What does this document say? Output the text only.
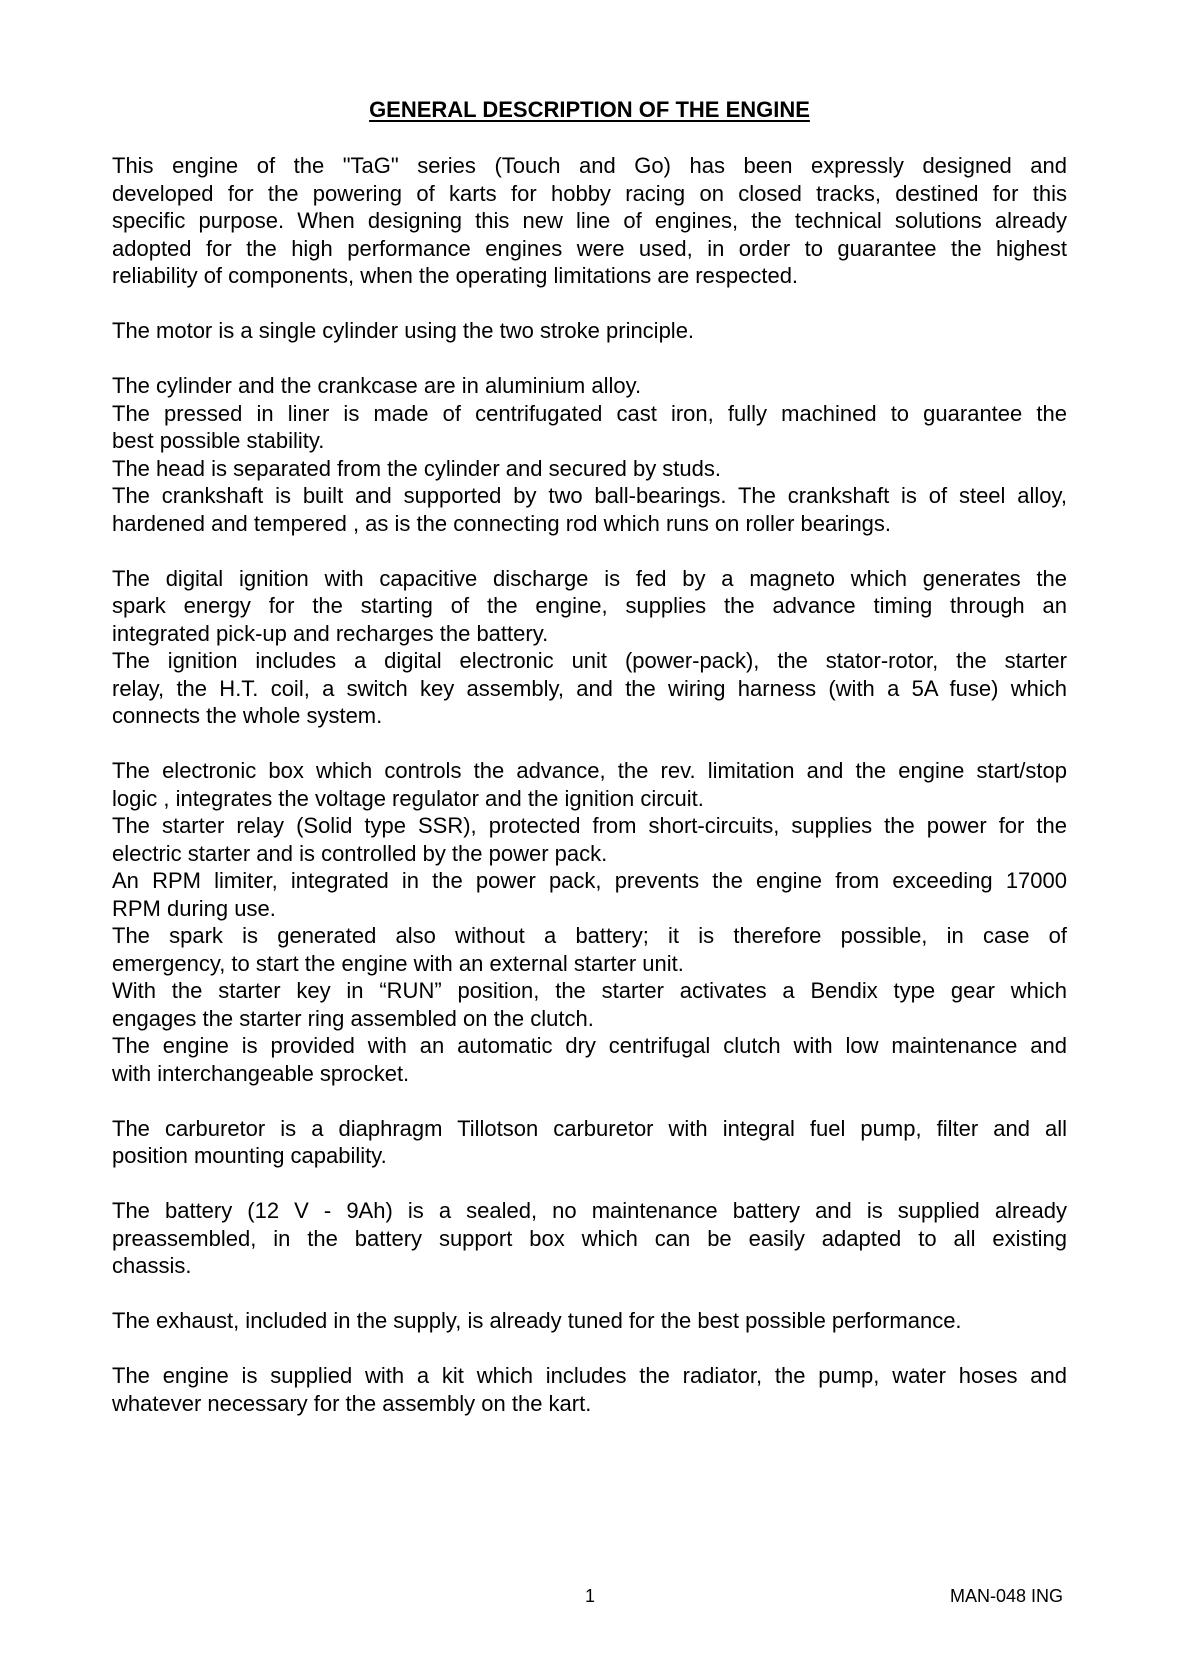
GENERAL DESCRIPTION OF THE ENGINE
This engine of the "TaG" series (Touch and Go) has been expressly designed and
developed for the powering of karts for hobby racing on closed tracks, destined for this
specific purpose. When designing this new line of engines, the technical solutions already
adopted for the high performance engines were used, in order to guarantee the highest
reliability of components, when the operating limitations are respected.
The motor is a single cylinder using the two stroke principle.
The cylinder and the crankcase are in aluminium alloy.
The pressed in liner is made of centrifugated cast iron, fully machined to guarantee the
best possible stability.
The head is separated from the cylinder and secured by studs.
The crankshaft is built and supported by two ball-bearings. The crankshaft is of steel alloy,
hardened and tempered , as is the connecting rod which runs on roller bearings.
The digital ignition with capacitive discharge is fed by a magneto which generates the
spark energy for the starting of the engine, supplies the advance timing through an
integrated pick-up and recharges the battery.
The ignition includes a digital electronic unit (power-pack), the stator-rotor, the starter
relay, the H.T. coil, a switch key assembly, and the wiring harness (with a 5A fuse) which
connects the whole system.
The electronic box which controls the advance, the rev. limitation and the engine start/stop
logic , integrates the voltage regulator and the ignition circuit.
The starter relay (Solid type SSR), protected from short-circuits, supplies the power for the
electric starter and is controlled by the power pack.
An RPM limiter, integrated in the power pack, prevents the engine from exceeding 17000
RPM during use.
The spark is generated also without a battery; it is therefore possible, in case of
emergency, to start the engine with an external starter unit.
With the starter key in “RUN” position, the starter activates a Bendix type gear which
engages the starter ring assembled on the clutch.
The engine is provided with an automatic dry centrifugal clutch with low maintenance and
with interchangeable sprocket.
The carburetor is a diaphragm Tillotson carburetor with integral fuel pump, filter and all
position mounting capability.
The battery (12 V - 9Ah) is a sealed, no maintenance battery and is supplied already
preassembled, in the battery support box which can be easily adapted to all existing
chassis.
The exhaust, included in the supply, is already tuned for the best possible performance.
The engine is supplied with a kit which includes the radiator, the pump, water hoses and
whatever necessary for the assembly on the kart.
1	MAN-048 ING
